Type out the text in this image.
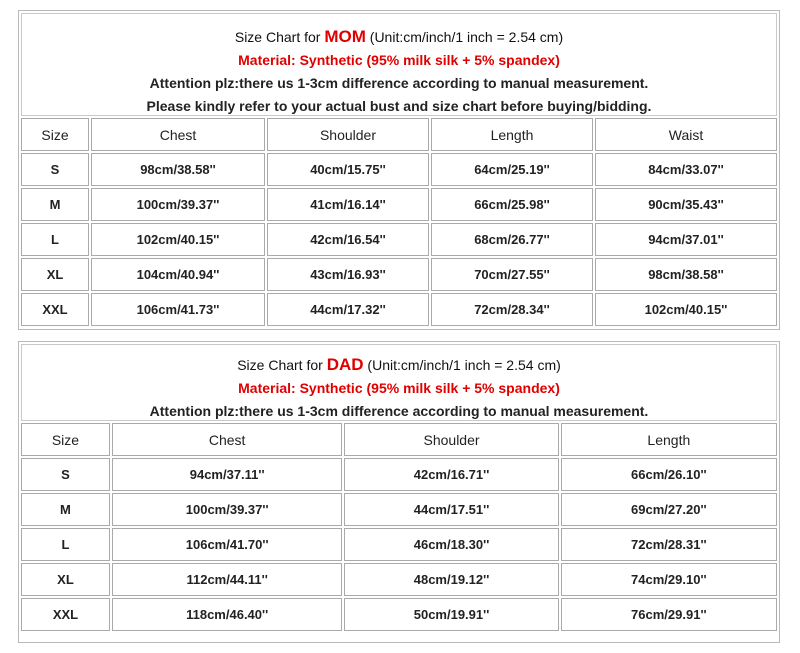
Size Chart for MOM (Unit:cm/inch/1 inch = 2.54 cm)
Material: Synthetic (95% milk silk + 5% spandex)
Attention plz:there us 1-3cm difference according to manual measurement.
Please kindly refer to your actual bust and size chart before buying/bidding.
Size	Chest	Shoulder	Length	Waist
S	98cm/38.58''	40cm/15.75''	64cm/25.19''	84cm/33.07''
M	100cm/39.37''	41cm/16.14''	66cm/25.98''	90cm/35.43''
L	102cm/40.15''	42cm/16.54''	68cm/26.77''	94cm/37.01''
XL	104cm/40.94''	43cm/16.93''	70cm/27.55''	98cm/38.58''
XXL	106cm/41.73''	44cm/17.32''	72cm/28.34''	102cm/40.15''
Size Chart for DAD (Unit:cm/inch/1 inch = 2.54 cm)
Material: Synthetic (95% milk silk + 5% spandex)
Attention plz:there us 1-3cm difference according to manual measurement.
Size	Chest	Shoulder	Length
S	94cm/37.11''	42cm/16.71''	66cm/26.10''
M	100cm/39.37''	44cm/17.51''	69cm/27.20''
L	106cm/41.70''	46cm/18.30''	72cm/28.31''
XL	112cm/44.11''	48cm/19.12''	74cm/29.10''
XXL	118cm/46.40''	50cm/19.91''	76cm/29.91''
